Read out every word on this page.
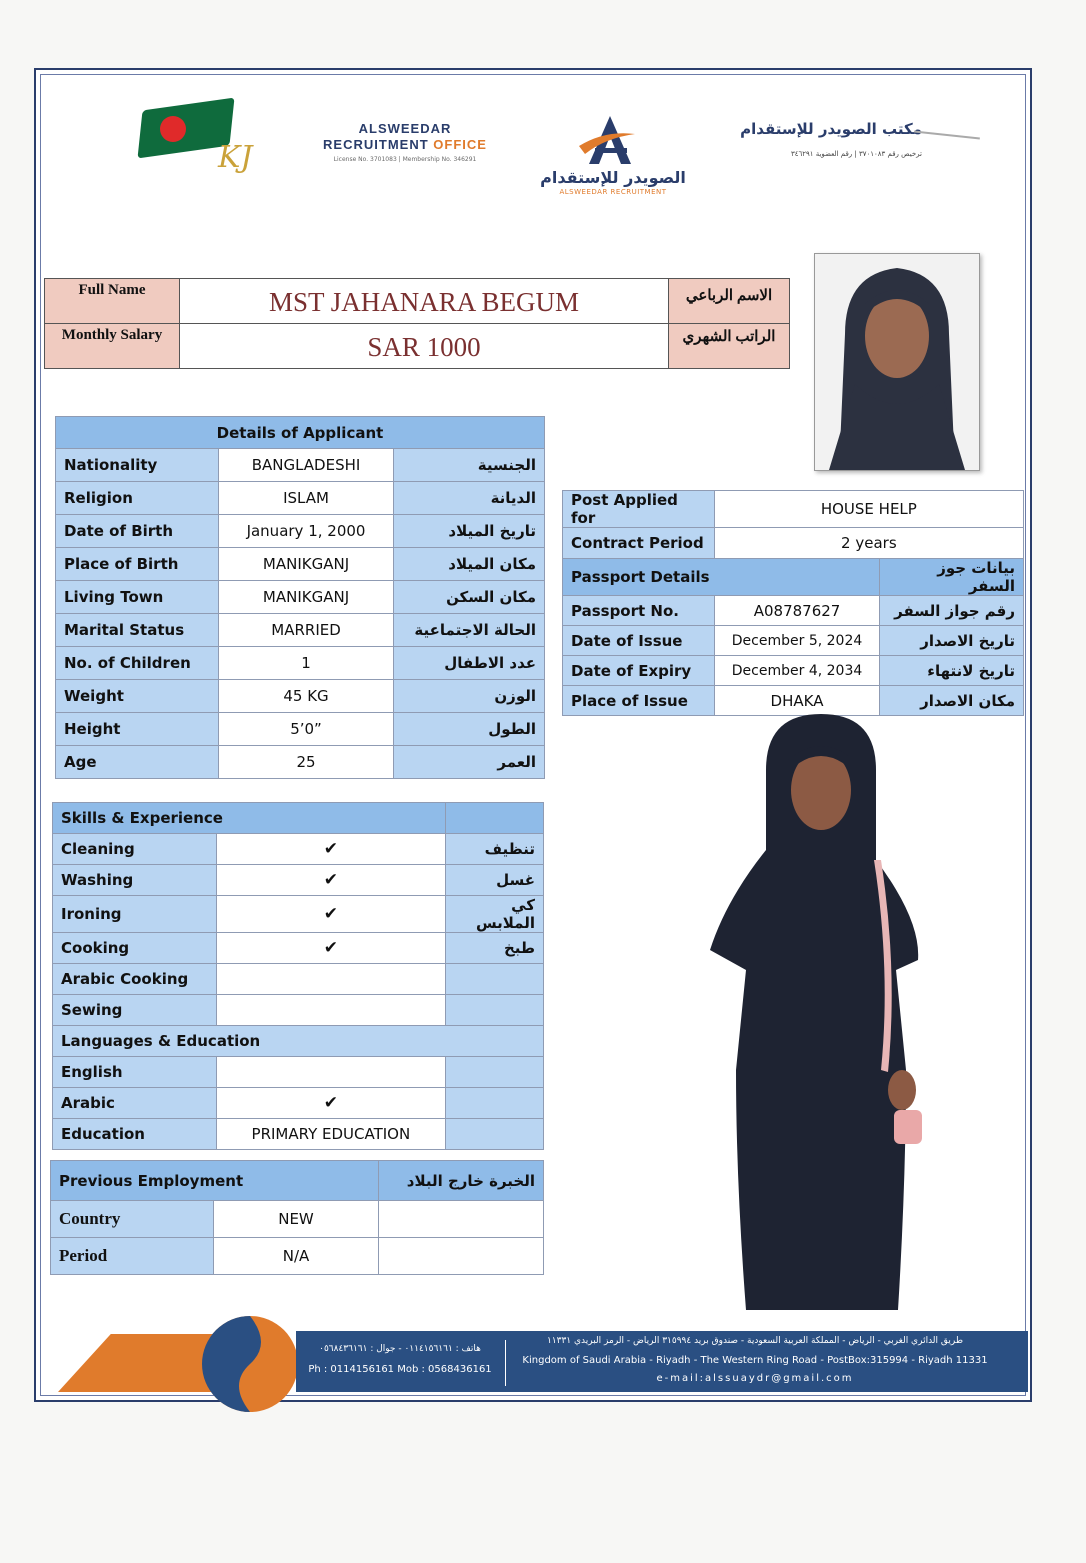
KJ
ALSWEEDAR
RECRUITMENT OFFICE
License No. 3701083 | Membership No. 346291
الصويدر للإستقدام
ALSWEEDAR RECRUITMENT
مكتب الصويدر للإستقدام
ترخيص رقم ٣٧٠١٠٨٣ | رقم العضوية ٣٤٦٢٩١
Full Name	MST JAHANARA BEGUM	الاسم الرباعي
Monthly Salary	SAR 1000	الراتب الشهري
Details of Applicant		
Nationality	BANGLADESHI	الجنسية
Religion	ISLAM	الديانة
Date of Birth	January 1, 2000	تاريخ الميلاد
Place of Birth	MANIKGANJ	مكان الميلاد
Living Town	MANIKGANJ	مكان السكن
Marital Status	MARRIED	الحالة الاجتماعية
No. of Children	1	عدد الاطفال
Weight	45 KG	الوزن
Height	5’0”	الطول
Age	25	العمر
Post Applied for	HOUSE HELP	
Contract Period	2 years	
Passport Details		بيانات جوز السفر
Passport No.	A08787627	رقم جواز السفر
Date of Issue	December 5, 2024	تاريخ الاصدار
Date of Expiry	December 4, 2034	تاريخ لانتهاء
Place of Issue	DHAKA	مكان الاصدار
Skills & Experience		
Cleaning	✔	تنظيف
Washing	✔	غسل
Ironing	✔	كي الملابس
Cooking	✔	طبخ
Arabic Cooking		
Sewing		
Languages & Education		
English		
Arabic	✔	
Education	PRIMARY EDUCATION	
Previous Employment		الخبرة خارج البلاد
Country	NEW	
Period	N/A	
هاتف : ٠١١٤١٥٦١٦١ - جوال : ٠٥٦٨٤٣٦١٦١
Ph : 0114156161 Mob : 0568436161
طريق الدائري الغربي - الرياض - المملكة العربية السعودية - صندوق بريد ٣١٥٩٩٤ الرياض - الرمز البريدي ١١٣٣١
Kingdom of Saudi Arabia - Riyadh - The Western Ring Road - PostBox:315994 - Riyadh 11331
e-mail:alssuaydr@gmail.com
